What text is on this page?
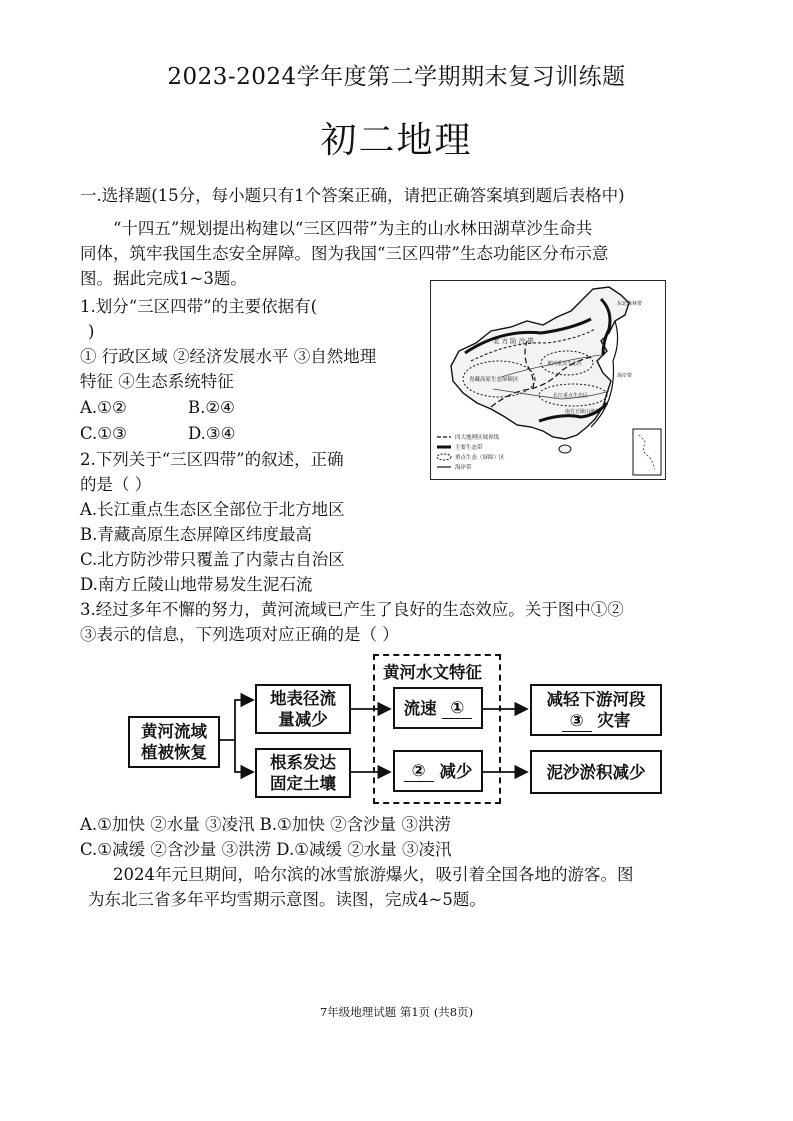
2023-2024学年度第二学期期末复习训练题
初二地理
一.选择题(15分，每小题只有1个答案正确，请把正确答案填到题后表格中)
“十四五”规划提出构建以“三区四带”为主的山水林田湖草沙生命共
同体，筑牢我国生态安全屏障。图为我国“三区四带”生态功能区分布示意
图。据此完成1~3题。
1.划分“三区四带”的主要依据有(
)
① 行政区域 ②经济发展水平 ③自然地理
特征 ④生态系统特征
A.①②	B.②④
C.①③	D.③④
2.下列关于“三区四带”的叙述，正确
的是（ ）
A.长江重点生态区全部位于北方地区
B.青藏高原生态屏障区纬度最高
C.北方防沙带只覆盖了内蒙古自治区
D.南方丘陵山地带易发生泥石流
3.经过多年不懈的努力，黄河流域已产生了良好的生态效应。关于图中①②
③表示的信息，下列选项对应正确的是（ ）
北 方 防 沙 带
青藏高原生态屏障区
黄河重点生态区
长江重点生态区
南方丘陵山地带
东北森林带
海岸带
四大地理区域界线
主要生态带
重点生态（屏障）区
海岸带
黄河流域
植被恢复
地表径流
量减少
根系发达
固定土壤
黄河水文特征
流速
①
②
减少
减轻下游河段
③ 灾害
泥沙淤积减少
A.①加快 ②水量 ③凌汛 B.①加快 ②含沙量 ③洪涝
C.①减缓 ②含沙量 ③洪涝 D.①减缓 ②水量 ③凌汛
2024年元旦期间，哈尔滨的冰雪旅游爆火，吸引着全国各地的游客。图
为东北三省多年平均雪期示意图。读图，完成4~5题。
7年级地理试题 第1页 (共8页)
